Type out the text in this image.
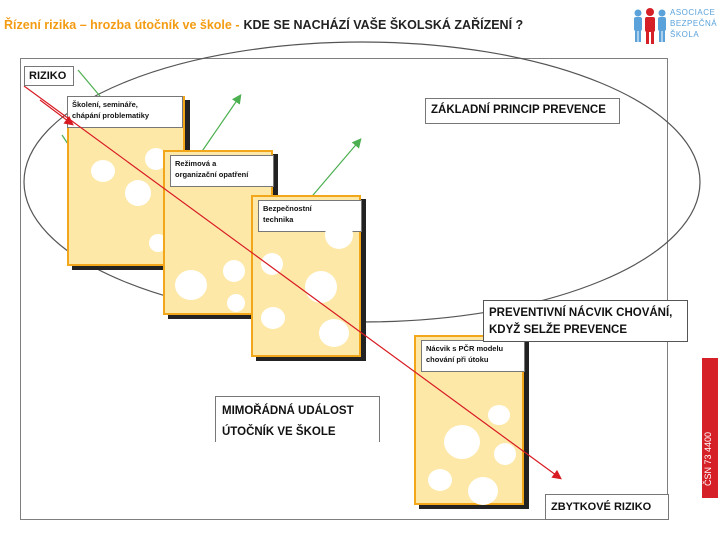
Řízení rizika – hrozba útočník ve škole - KDE SE NACHÁZÍ VAŠE ŠKOLSKÁ ZAŘÍZENÍ ?
ASOCIACE
BEZPEČNÁ
ŠKOLA
ČSN 73 4400
Školení, semináře,
chápání problematiky
Režimová a
organizační opatření
Bezpečnostní
technika
Nácvik s PČR modelu
chování při útoku
RIZIKO
ZÁKLADNÍ PRINCIP PREVENCE
PREVENTIVNÍ NÁCVIK CHOVÁNÍ,
KDYŽ SELŽE PREVENCE
MIMOŘÁDNÁ UDÁLOST
ÚTOČNÍK VE ŠKOLE
ZBYTKOVÉ RIZIKO
